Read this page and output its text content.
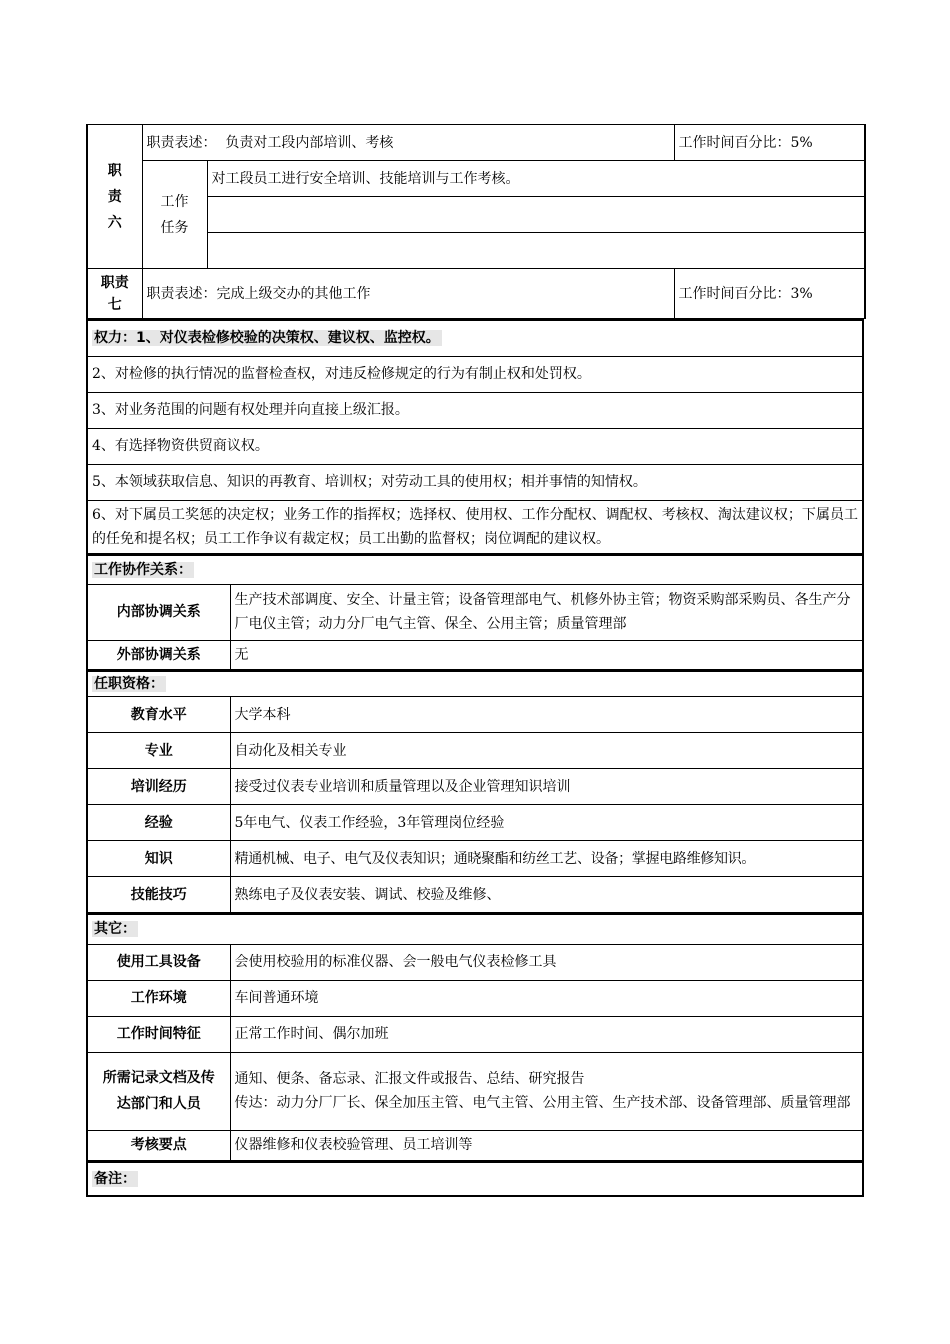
职责六	职责表述： 负责对工段内部培训、考核		工作时间百分比：5%
	工作任务	对工段员工进行安全培训、技能培训与工作考核。	

职责七	职责表述：完成上级交办的其他工作		工作时间百分比：3%
权力：1、对仪表检修校验的决策权、建议权、监控权。
2、对检修的执行情况的监督检查权，对违反检修规定的行为有制止权和处罚权。
3、对业务范围的问题有权处理并向直接上级汇报。
4、有选择物资供贸商议权。
5、本领域获取信息、知识的再教育、培训权；对劳动工具的使用权；相并事情的知情权。
6、对下属员工奖惩的决定权；业务工作的指挥权；选择权、使用权、工作分配权、调配权、考核权、淘汰建议权；下属员工的任免和提名权；员工工作争议有裁定权；员工出勤的监督权；岗位调配的建议权。
工作协作关系：	
内部协调关系	生产技术部调度、安全、计量主管；设备管理部电气、机修外协主管；物资采购部采购员、各生产分厂电仪主管；动力分厂电气主管、保全、公用主管；质量管理部
外部协调关系	无
任职资格：	
教育水平	大学本科
专业	自动化及相关专业
培训经历	接受过仪表专业培训和质量管理以及企业管理知识培训
经验	5年电气、仪表工作经验，3年管理岗位经验
知识	精通机械、电子、电气及仪表知识；通晓聚酯和纺丝工艺、设备；掌握电路维修知识。
技能技巧	熟练电子及仪表安装、调试、校验及维修、
其它：	
使用工具设备	会使用校验用的标准仪器、会一般电气仪表检修工具
工作环境	车间普通环境
工作时间特征	正常工作时间、偶尔加班
所需记录文档及传达部门和人员	通知、便条、备忘录、汇报文件或报告、总结、研究报告
传达：动力分厂厂长、保全加压主管、电气主管、公用主管、生产技术部、设备管理部、质量管理部

考核要点	仪器维修和仪表校验管理、员工培训等
备注：
